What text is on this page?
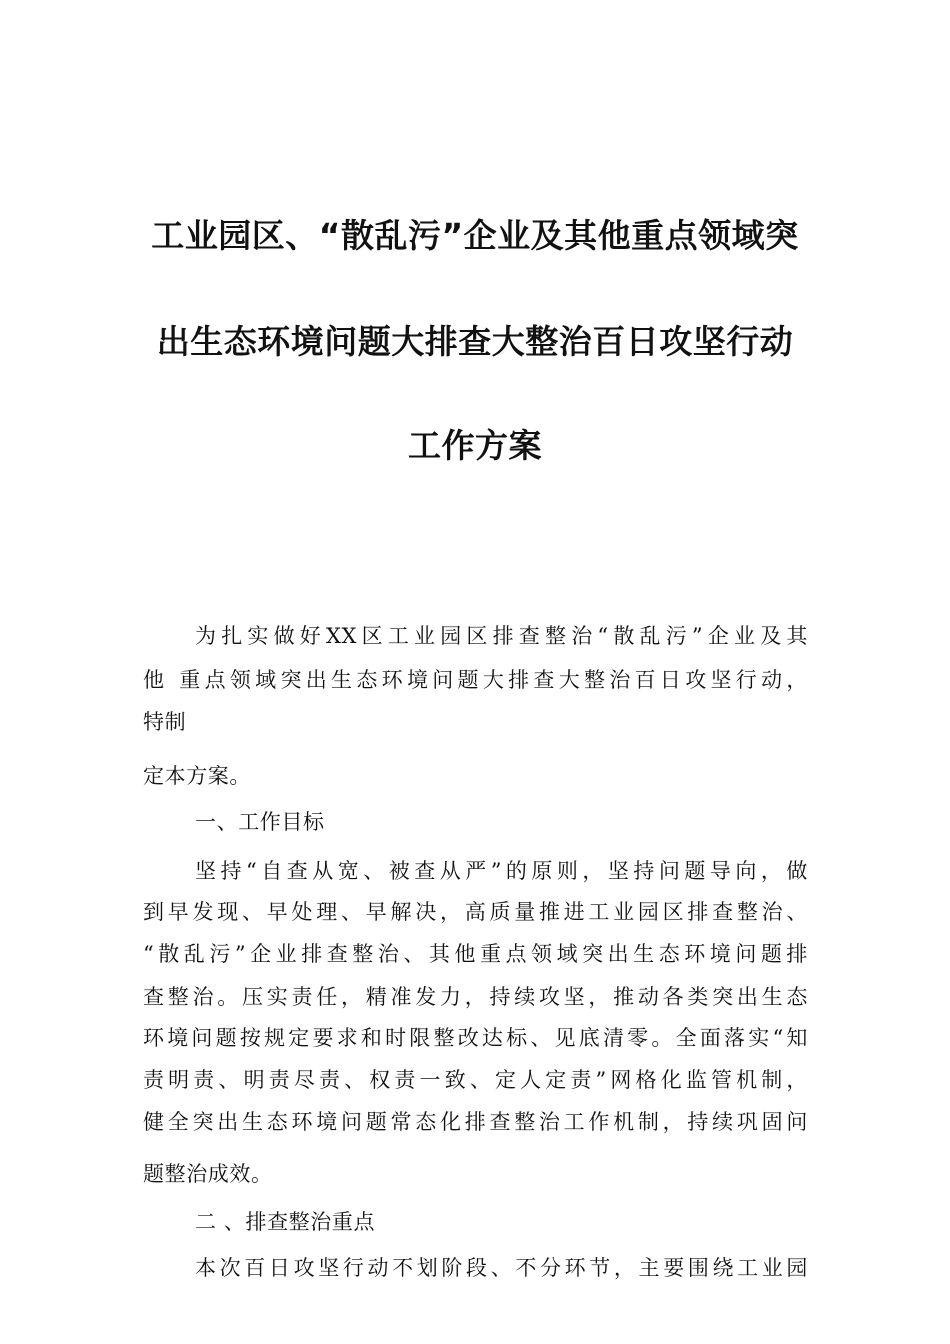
工业园区、“散乱污”企业及其他重点领域突
出生态环境问题大排查大整治百日攻坚行动
工作方案
为扎实做好XX区工业园区排查整治“散乱污”企业及其
他 重点领域突出生态环境问题大排查大整治百日攻坚行动，
特制
定本方案。
一、工作目标
坚持“自查从宽、被查从严”的原则，坚持问题导向，做
到早发现、早处理、早解决，高质量推进工业园区排查整治、
“散乱污”企业排查整治、其他重点领域突出生态环境问题排
查整治。压实责任，精准发力，持续攻坚，推动各类突出生态
环境问题按规定要求和时限整改达标、见底清零。全面落实“知
责明责、明责尽责、权责一致、定人定责”网格化监管机制，
健全突出生态环境问题常态化排查整治工作机制，持续巩固问
题整治成效。
二 、排查整治重点
本次百日攻坚行动不划阶段、不分环节，主要围绕工业园
